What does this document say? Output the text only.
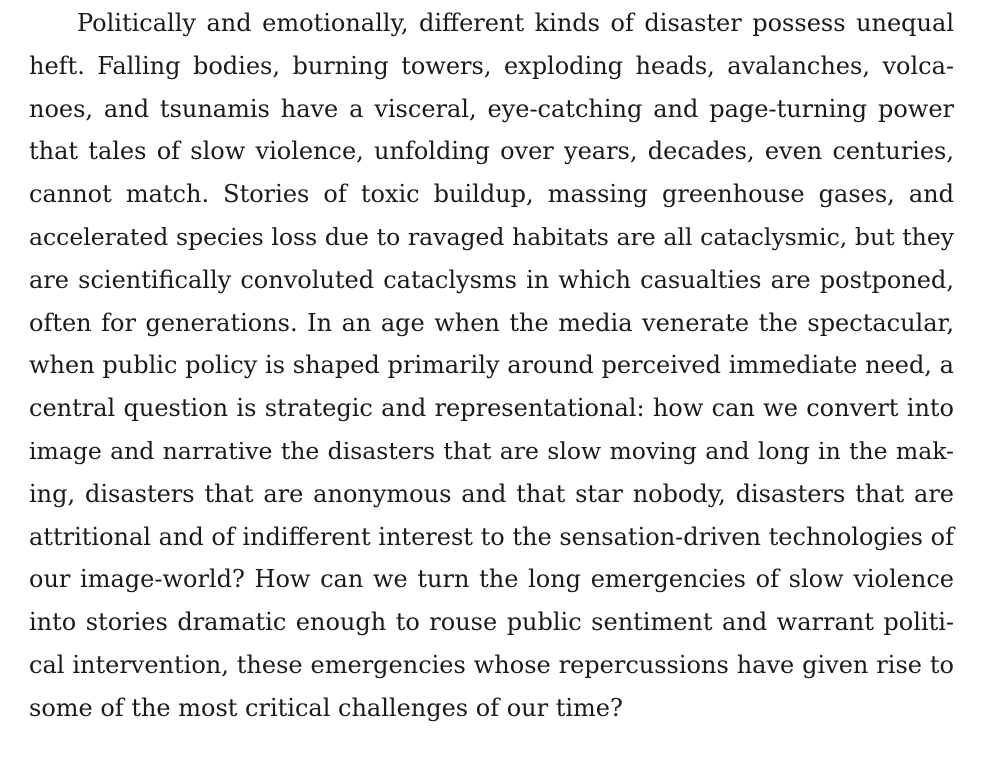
Politically and emotionally, different kinds of disaster possess unequal
heft. Falling bodies, burning towers, exploding heads, avalanches, volca-
noes, and tsunamis have a visceral, eye-catching and page-turning power
that tales of slow violence, unfolding over years, decades, even centuries,
cannot match. Stories of toxic buildup, massing greenhouse gases, and
accelerated species loss due to ravaged habitats are all cataclysmic, but they
are scientifically convoluted cataclysms in which casualties are postponed,
often for generations. In an age when the media venerate the spectacular,
when public policy is shaped primarily around perceived immediate need, a
central question is strategic and representational: how can we convert into
image and narrative the disasters that are slow moving and long in the mak-
ing, disasters that are anonymous and that star nobody, disasters that are
attritional and of indifferent interest to the sensation-driven technologies of
our image-world? How can we turn the long emergencies of slow violence
into stories dramatic enough to rouse public sentiment and warrant politi-
cal intervention, these emergencies whose repercussions have given rise to
some of the most critical challenges of our time?
